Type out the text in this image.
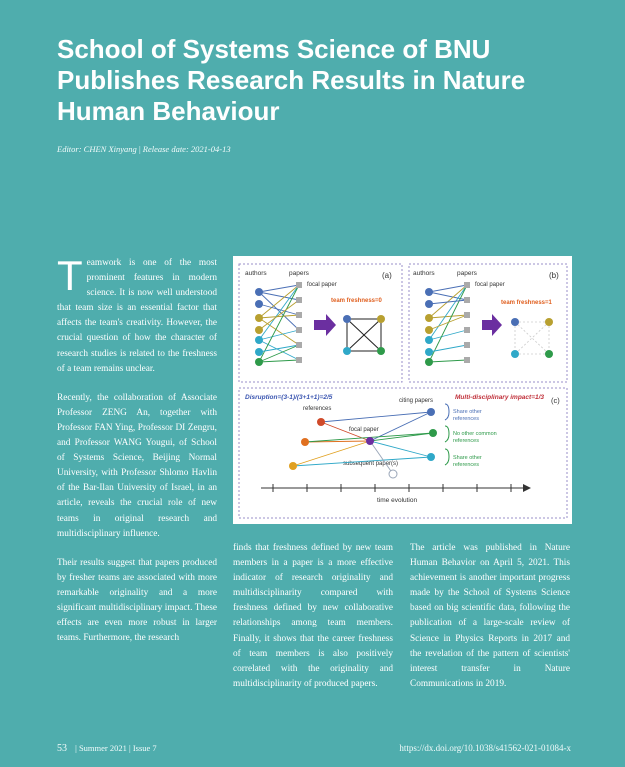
School of Systems Science of BNU Publishes Research Results in Nature Human Behaviour
Editor: CHEN Xinyang | Release date: 2021-04-13

Teamwork is one of the most prominent features in modern science. It is now well understood that team size is an essential factor that affects the team's creativity. However, the crucial question of how the character of research studies is related to the freshness of a team remains unclear.

Recently, the collaboration of Associate Professor ZENG An, together with Professor FAN Ying, Professor DI Zengru, and Professor WANG Yougui, of School of Systems Science, Beijing Normal University, with Professor Shlomo Havlin of the Bar-Ilan University of Israel, in an article, reveals the crucial role of new teams in original research and multidisciplinary influence.

Their results suggest that papers produced by fresher teams are associated with more remarkable originality and a more significant multidisciplinary impact. These effects are even more robust in larger teams. Furthermore, the research

authors	papers	(a)
focal paper
team freshness=0
authors	papers	(b)
focal paper
team freshness=1
Disruption=(3-1)/(3+1+1)=2/5	Multi-disciplinary impact=1/3 (c)
references
citing papers
focal paper
subsequent paper(s)
Share other
references
No other common
references
Share other
references
time evolution

finds that freshness defined by new team members in a paper is a more effective indicator of research originality and multidisciplinarity compared with freshness defined by new collaborative relationships among team members. Finally, it shows that the career freshness of team members is also positively correlated with the originality and multidisciplinarity of produced papers.

The article was published in Nature Human Behavior on April 5, 2021. This achievement is another important progress made by the School of Systems Science based on big scientific data, following the publication of a large-scale review of Science in Physics Reports in 2017 and the revelation of the pattern of scientists' interest transfer in Nature Communications in 2019.

53 | Summer 2021 | Issue 7	https://dx.doi.org/10.1038/s41562-021-01084-x
